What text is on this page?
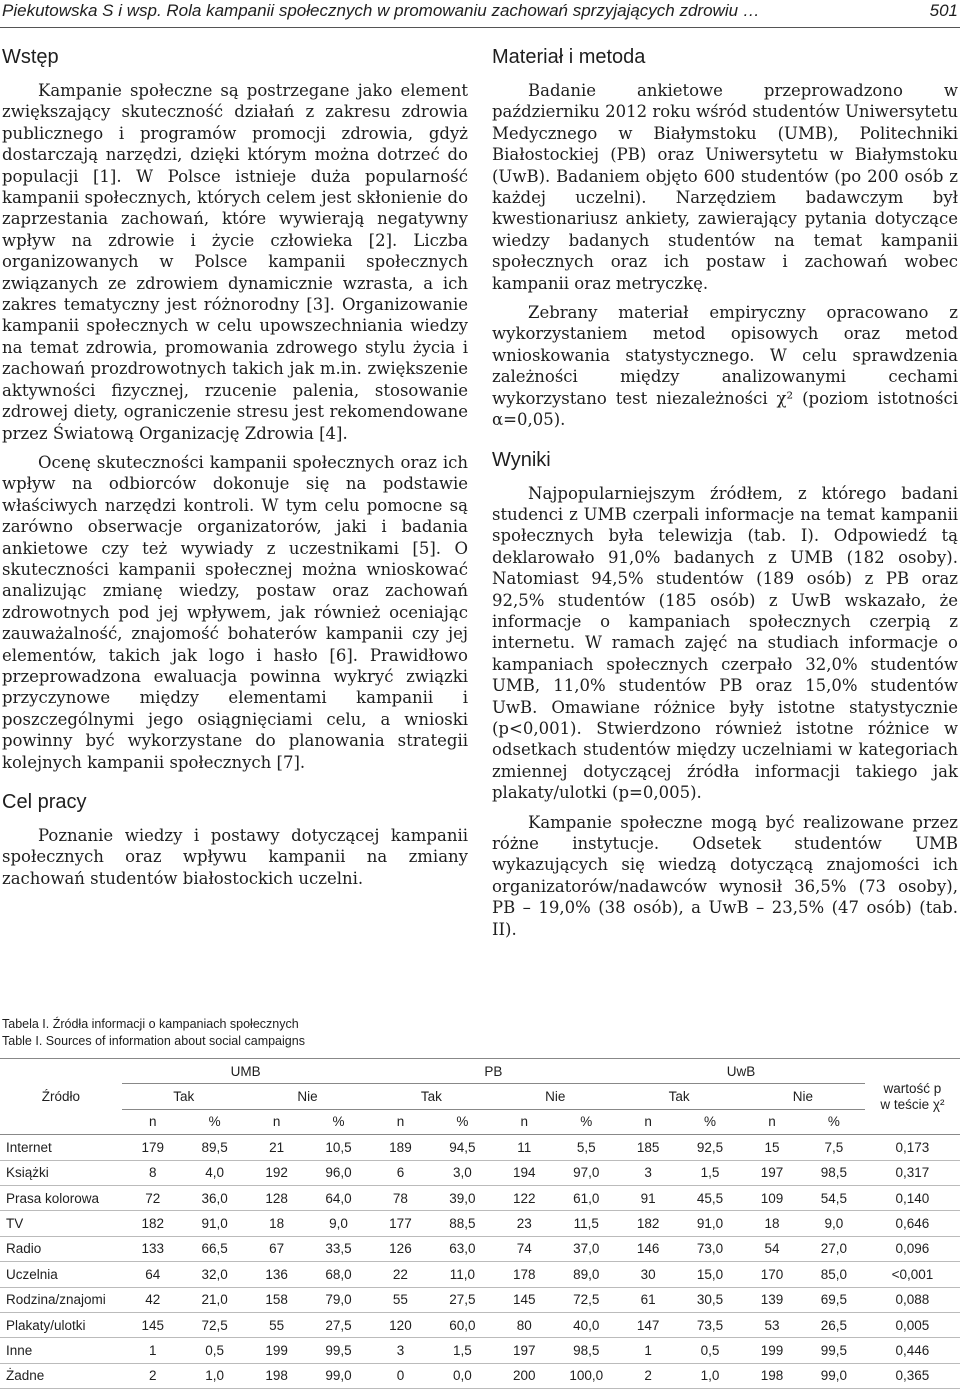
Piekutowska S i wsp. Rola kampanii społecznych w promowaniu zachowań sprzyjających zdrowiu …	501
Wstęp

Kampanie społeczne są postrzegane jako element zwiększający skuteczność działań z zakresu zdrowia publicznego i programów promocji zdrowia, gdyż dostarczają narzędzi, dzięki którym można dotrzeć do populacji [1]. W Polsce istnieje duża popularność kampanii społecznych, których celem jest skłonienie do zaprzestania zachowań, które wywierają negatywny wpływ na zdrowie i życie człowieka [2]. Liczba organizowanych w Polsce kampanii społecznych związanych ze zdrowiem dynamicznie wzrasta, a ich zakres tematyczny jest różnorodny [3]. Organizowanie kampanii społecznych w celu upowszechniania wiedzy na temat zdrowia, promowania zdrowego stylu życia i zachowań prozdrowotnych takich jak m.in. zwiększenie aktywności fizycznej, rzucenie palenia, stosowanie zdrowej diety, ograniczenie stresu jest rekomendowane przez Światową Organizację Zdrowia [4].

Ocenę skuteczności kampanii społecznych oraz ich wpływ na odbiorców dokonuje się na podstawie właściwych narzędzi kontroli. W tym celu pomocne są zarówno obserwacje organizatorów, jaki i badania ankietowe czy też wywiady z uczestnikami [5]. O skuteczności kampanii społecznej można wnioskować analizując zmianę wiedzy, postaw oraz zachowań zdrowotnych pod jej wpływem, jak również oceniając zauważalność, znajomość bohaterów kampanii czy jej elementów, takich jak logo i hasło [6]. Prawidłowo przeprowadzona ewaluacja powinna wykryć związki przyczynowe między elementami kampanii i poszczególnymi jego osiągnięciami celu, a wnioski powinny być wykorzystane do planowania strategii kolejnych kampanii społecznych [7].

Cel pracy

Poznanie wiedzy i postawy dotyczącej kampanii społecznych oraz wpływu kampanii na zmiany zachowań studentów białostockich uczelni.

Materiał i metoda

Badanie ankietowe przeprowadzono w październiku 2012 roku wśród studentów Uniwersytetu Medycznego w Białymstoku (UMB), Politechniki Białostockiej (PB) oraz Uniwersytetu w Białymstoku (UwB). Badaniem objęto 600 studentów (po 200 osób z każdej uczelni). Narzędziem badawczym był kwestionariusz ankiety, zawierający pytania dotyczące wiedzy badanych studentów na temat kampanii społecznych oraz ich postaw i zachowań wobec kampanii oraz metryczkę.

Zebrany materiał empiryczny opracowano z wykorzystaniem metod opisowych oraz metod wnioskowania statystycznego. W celu sprawdzenia zależności między analizowanymi cechami wykorzystano test niezależności χ² (poziom istotności α=0,05).

Wyniki

Najpopularniejszym źródłem, z którego badani studenci z UMB czerpali informacje na temat kampanii społecznych była telewizja (tab. I). Odpowiedź tą deklarowało 91,0% badanych z UMB (182 osoby). Natomiast 94,5% studentów (189 osób) z PB oraz 92,5% studentów (185 osób) z UwB wskazało, że informacje o kampaniach społecznych czerpią z internetu. W ramach zajęć na studiach informacje o kampaniach społecznych czerpało 32,0% studentów UMB, 11,0% studentów PB oraz 15,0% studentów UwB. Omawiane różnice były istotne statystycznie (p<0,001). Stwierdzono również istotne różnice w odsetkach studentów między uczelniami w kategoriach zmiennej dotyczącej źródła informacji takiego jak plakaty/ulotki (p=0,005).

Kampanie społeczne mogą być realizowane przez różne instytucje. Odsetek studentów UMB wykazujących się wiedzą dotyczącą znajomości ich organizatorów/nadawców wynosił 36,5% (73 osoby), PB – 19,0% (38 osób), a UwB – 23,5% (47 osób) (tab. II).

Tabela I. Źródła informacji o kampaniach społecznych
Table I. Sources of information about social campaigns
Źródło	UMB				PB				UwB				wartość p
w teście χ²

	Tak		Nie		Tak		Nie		Tak		Nie		
	n	%	n	%	n	%	n	%	n	%	n	%	
Internet	179	89,5	21	10,5	189	94,5	11	5,5	185	92,5	15	7,5	0,173
Książki	8	4,0	192	96,0	6	3,0	194	97,0	3	1,5	197	98,5	0,317
Prasa kolorowa	72	36,0	128	64,0	78	39,0	122	61,0	91	45,5	109	54,5	0,140
TV	182	91,0	18	9,0	177	88,5	23	11,5	182	91,0	18	9,0	0,646
Radio	133	66,5	67	33,5	126	63,0	74	37,0	146	73,0	54	27,0	0,096
Uczelnia	64	32,0	136	68,0	22	11,0	178	89,0	30	15,0	170	85,0	<0,001
Rodzina/znajomi	42	21,0	158	79,0	55	27,5	145	72,5	61	30,5	139	69,5	0,088
Plakaty/ulotki	145	72,5	55	27,5	120	60,0	80	40,0	147	73,5	53	26,5	0,005
Inne	1	0,5	199	99,5	3	1,5	197	98,5	1	0,5	199	99,5	0,446
Żadne	2	1,0	198	99,0	0	0,0	200	100,0	2	1,0	198	99,0	0,365
